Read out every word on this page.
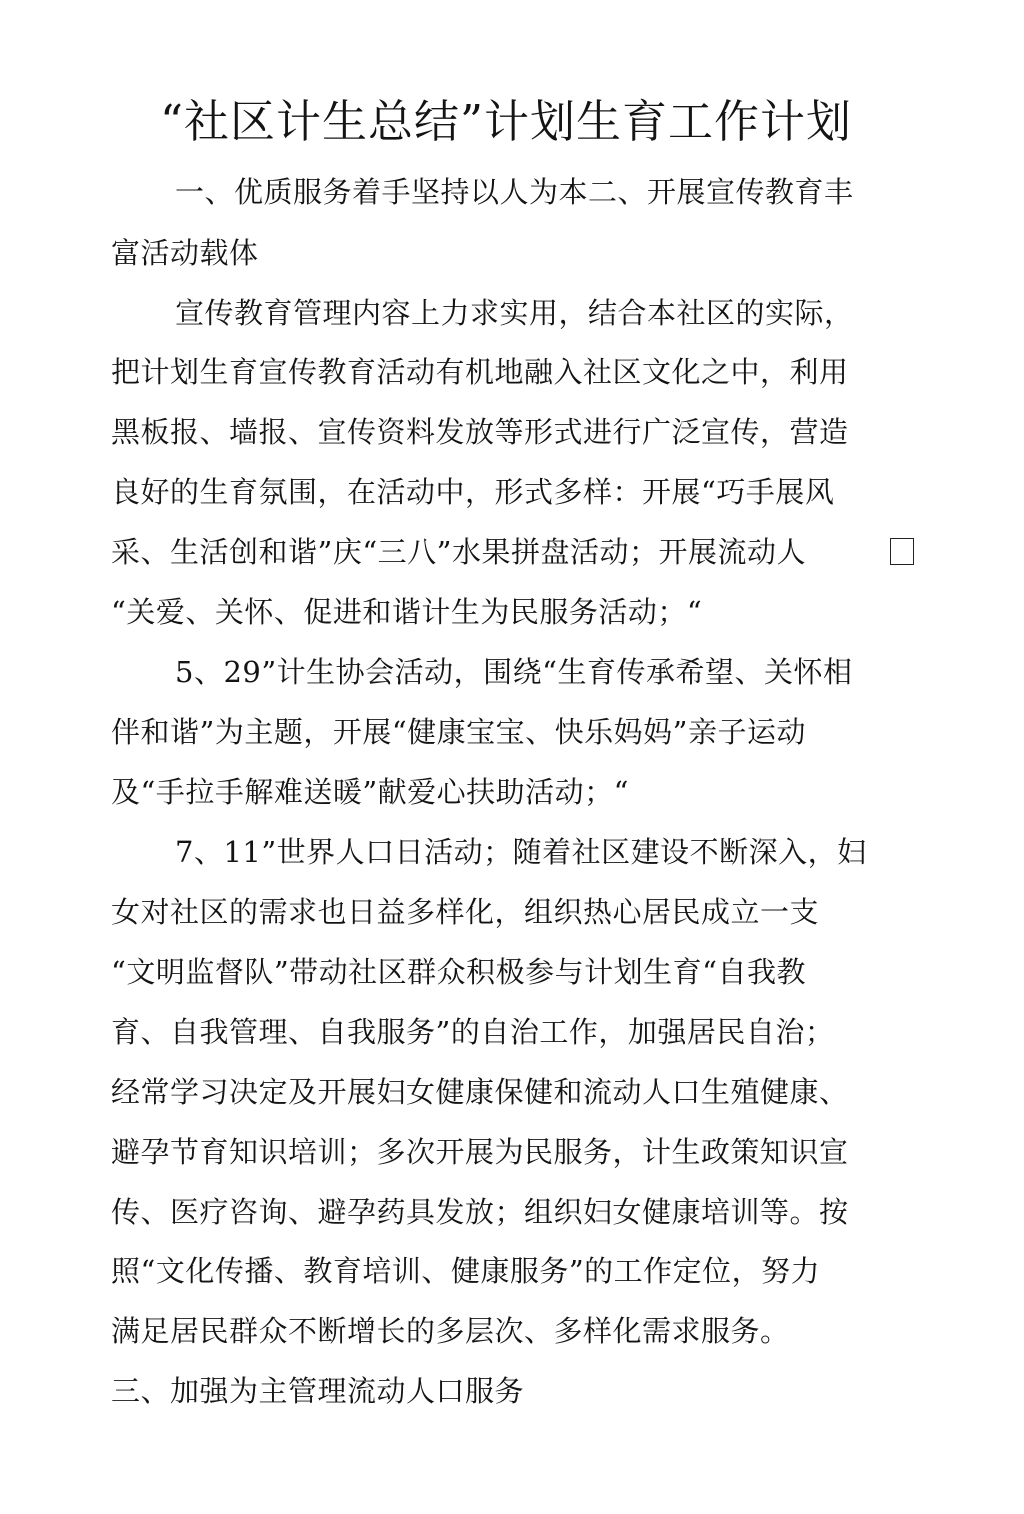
“社区计生总结”计划生育工作计划
一、优质服务着手坚持以人为本二、开展宣传教育丰
富活动载体
宣传教育管理内容上力求实用，结合本社区的实际，
把计划生育宣传教育活动有机地融入社区文化之中，利用
黑板报、墙报、宣传资料发放等形式进行广泛宣传，营造
良好的生育氛围，在活动中，形式多样：开展“巧手展风
采、生活创和谐”庆“三八”水果拼盘活动；开展流动人
“关爱、关怀、促进和谐计生为民服务活动；“
5、29”计生协会活动，围绕“生育传承希望、关怀相
伴和谐”为主题，开展“健康宝宝、快乐妈妈”亲子运动
及“手拉手解难送暖”献爱心扶助活动；“
7、11”世界人口日活动；随着社区建设不断深入，妇
女对社区的需求也日益多样化，组织热心居民成立一支
“文明监督队”带动社区群众积极参与计划生育“自我教
育、自我管理、自我服务”的自治工作，加强居民自治；
经常学习决定及开展妇女健康保健和流动人口生殖健康、
避孕节育知识培训；多次开展为民服务，计生政策知识宣
传、医疗咨询、避孕药具发放；组织妇女健康培训等。按
照“文化传播、教育培训、健康服务”的工作定位，努力
满足居民群众不断增长的多层次、多样化需求服务。
三、加强为主管理流动人口服务
